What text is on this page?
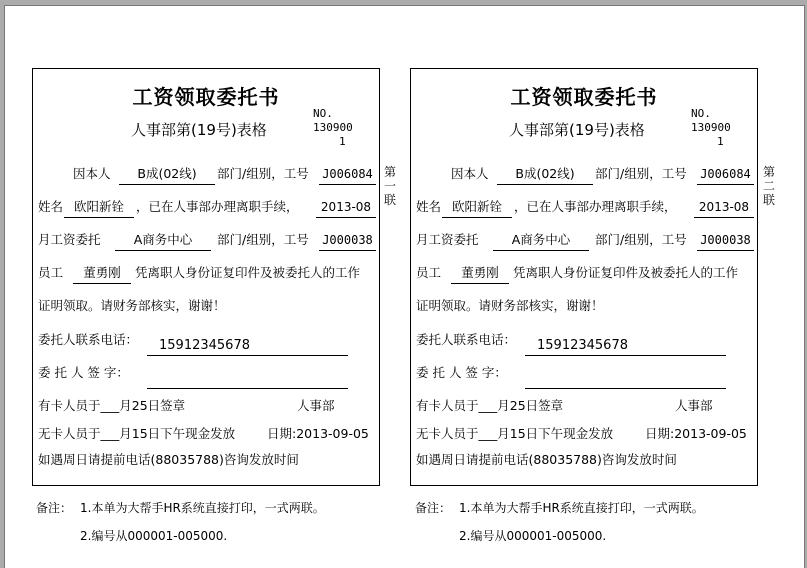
工资领取委托书
NO. 130900
1
人事部第(19号)表格
因本人	B成(02线)	部门/组别，工号 J006084
姓名 欧阳新铨 ，已在人事部办理离职手续，	2013-08
月工资委托	A商务中心	部门/组别，工号 J000038
员工	董勇刚	凭离职人身份证复印件及被委托人的工作
证明领取。请财务部核实，谢谢！
委托人联系电话：	15912345678
委 托 人 签 字：
有卡人员于___月25日签章	人事部
无卡人员于___月15日下午现金发放	日期:2013-09-05
如遇周日请提前电话(88035788)咨询发放时间
第
一
联
备注： 1.本单为大帮手HR系统直接打印，一式两联。
2.编号从000001-005000.
工资领取委托书
NO. 130900
1
人事部第(19号)表格
因本人	B成(02线)	部门/组别，工号 J006084
姓名 欧阳新铨 ，已在人事部办理离职手续，	2013-08
月工资委托	A商务中心	部门/组别，工号 J000038
员工	董勇刚	凭离职人身份证复印件及被委托人的工作
证明领取。请财务部核实，谢谢！
委托人联系电话：	15912345678
委 托 人 签 字：
有卡人员于___月25日签章	人事部
无卡人员于___月15日下午现金发放	日期:2013-09-05
如遇周日请提前电话(88035788)咨询发放时间
第
二
联
备注： 1.本单为大帮手HR系统直接打印，一式两联。
2.编号从000001-005000.
